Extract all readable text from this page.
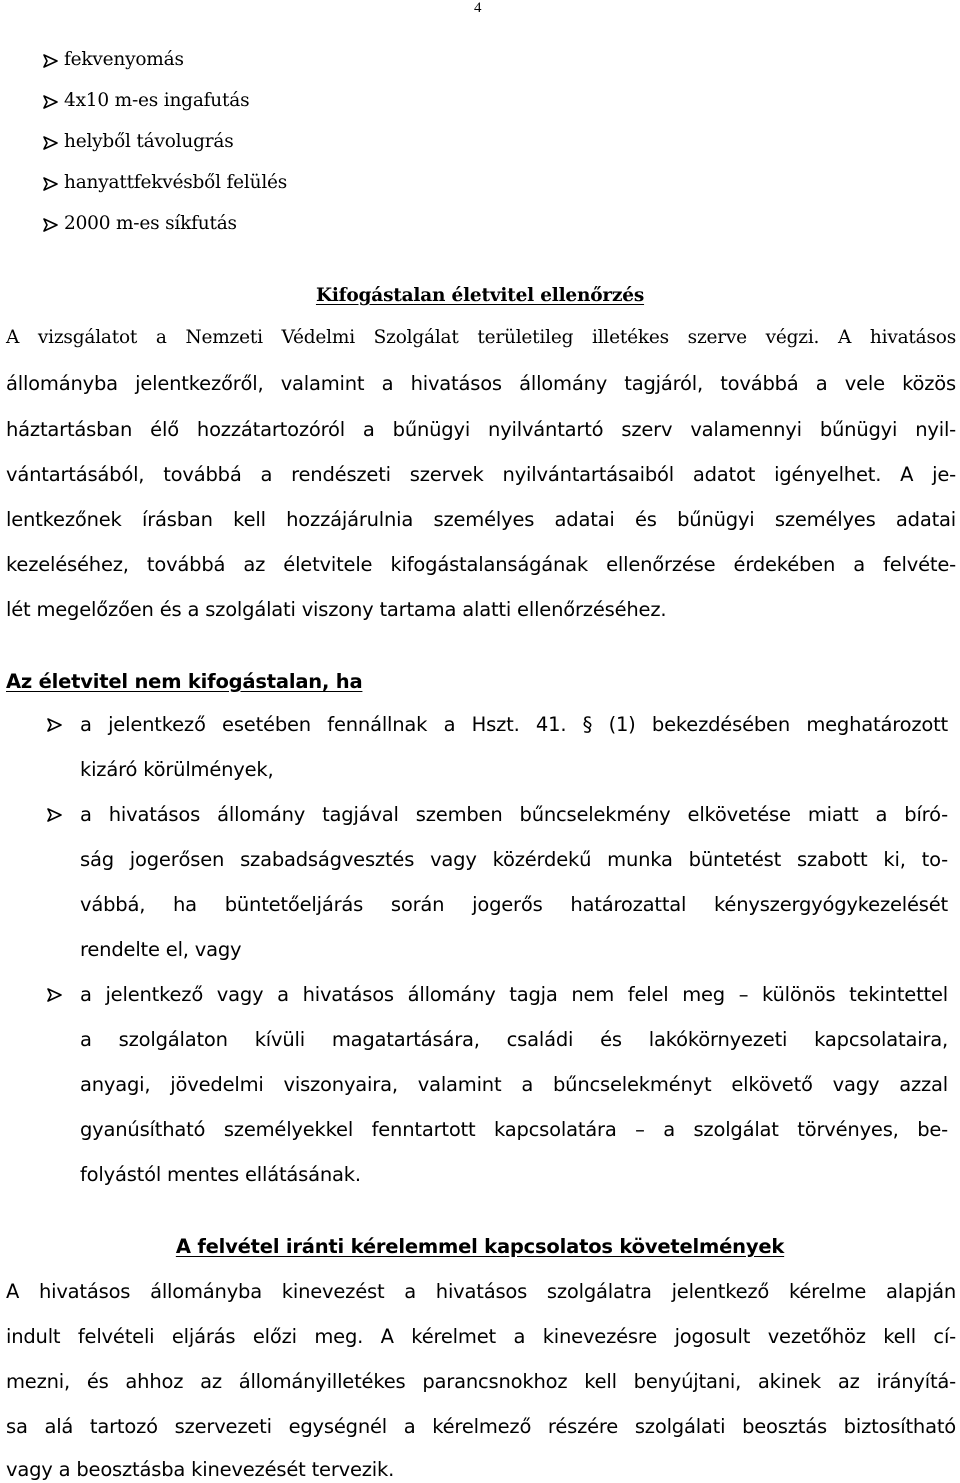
4
fekvenyomás
4x10 m-es ingafutás
helyből távolugrás
hanyattfekvésből felülés
2000 m-es síkfutás
Kifogástalan életvitel ellenőrzés
A vizsgálatot a Nemzeti Védelmi Szolgálat területileg illetékes szerve végzi. A hivatásos
állományba jelentkezőről, valamint a hivatásos állomány tagjáról, továbbá a vele közös
háztartásban élő hozzátartozóról a bűnügyi nyilvántartó szerv valamennyi bűnügyi nyil-
vántartásából, továbbá a rendészeti szervek nyilvántartásaiból adatot igényelhet. A je-
lentkezőnek írásban kell hozzájárulnia személyes adatai és bűnügyi személyes adatai
kezeléséhez, továbbá az életvitele kifogástalanságának ellenőrzése érdekében a felvéte-
lét megelőzően és a szolgálati viszony tartama alatti ellenőrzéséhez.
Az életvitel nem kifogástalan, ha
a jelentkező esetében fennállnak a Hszt. 41. § (1) bekezdésében meghatározott
kizáró körülmények,
a hivatásos állomány tagjával szemben bűncselekmény elkövetése miatt a bíró-
ság jogerősen szabadságvesztés vagy közérdekű munka büntetést szabott ki, to-
vábbá, ha büntetőeljárás során jogerős határozattal kényszergyógykezelését
rendelte el, vagy
a jelentkező vagy a hivatásos állomány tagja nem felel meg – különös tekintettel
a szolgálaton kívüli magatartására, családi és lakókörnyezeti kapcsolataira,
anyagi, jövedelmi viszonyaira, valamint a bűncselekményt elkövető vagy azzal
gyanúsítható személyekkel fenntartott kapcsolatára – a szolgálat törvényes, be-
folyástól mentes ellátásának.
A felvétel iránti kérelemmel kapcsolatos követelmények
A hivatásos állományba kinevezést a hivatásos szolgálatra jelentkező kérelme alapján
indult felvételi eljárás előzi meg. A kérelmet a kinevezésre jogosult vezetőhöz kell cí-
mezni, és ahhoz az állományilletékes parancsnokhoz kell benyújtani, akinek az irányítá-
sa alá tartozó szervezeti egységnél a kérelmező részére szolgálati beosztás biztosítható
vagy a beosztásba kinevezését tervezik.
